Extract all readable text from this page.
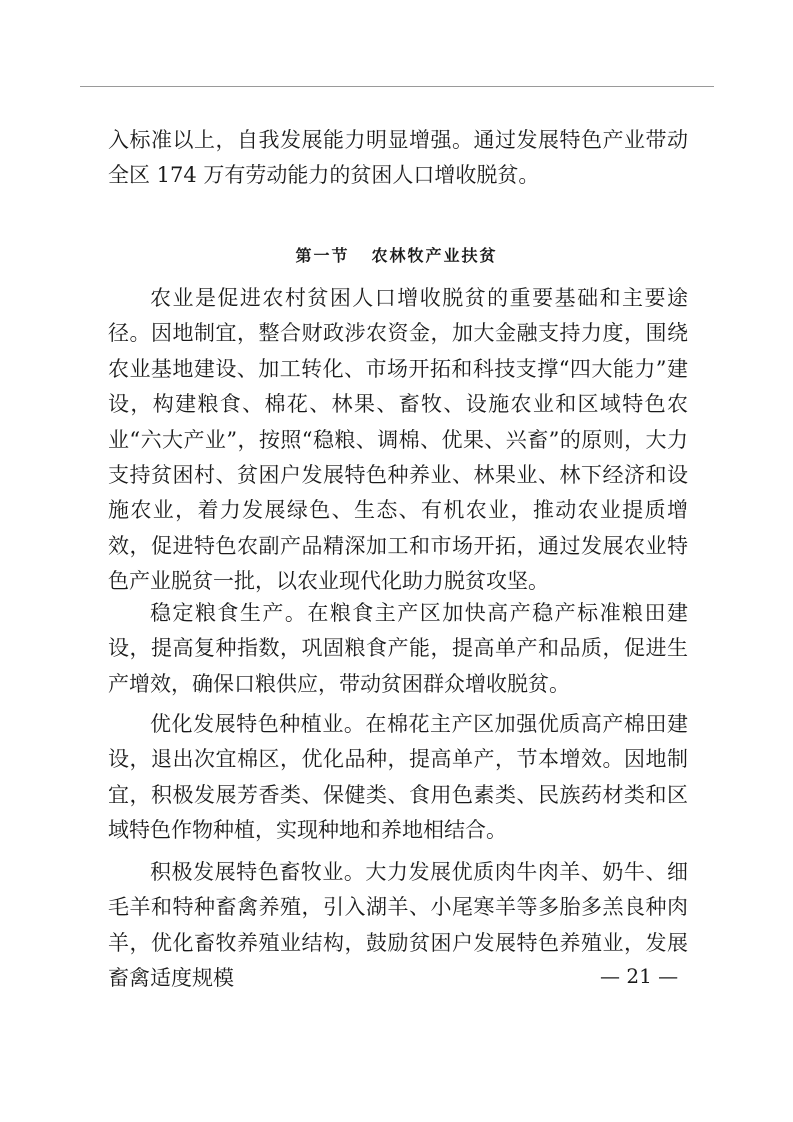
入标准以上，自我发展能力明显增强。通过发展特色产业带动全区 174 万有劳动能力的贫困人口增收脱贫。

第一节 农林牧产业扶贫

农业是促进农村贫困人口增收脱贫的重要基础和主要途径。因地制宜，整合财政涉农资金，加大金融支持力度，围绕农业基地建设、加工转化、市场开拓和科技支撑“四大能力”建设，构建粮食、棉花、林果、畜牧、设施农业和区域特色农业“六大产业”，按照“稳粮、调棉、优果、兴畜”的原则，大力支持贫困村、贫困户发展特色种养业、林果业、林下经济和设施农业，着力发展绿色、生态、有机农业，推动农业提质增效，促进特色农副产品精深加工和市场开拓，通过发展农业特色产业脱贫一批，以农业现代化助力脱贫攻坚。

稳定粮食生产。在粮食主产区加快高产稳产标准粮田建设，提高复种指数，巩固粮食产能，提高单产和品质，促进生产增效，确保口粮供应，带动贫困群众增收脱贫。

优化发展特色种植业。在棉花主产区加强优质高产棉田建设，退出次宜棉区，优化品种，提高单产，节本增效。因地制宜，积极发展芳香类、保健类、食用色素类、民族药材类和区域特色作物种植，实现种地和养地相结合。

积极发展特色畜牧业。大力发展优质肉牛肉羊、奶牛、细毛羊和特种畜禽养殖，引入湖羊、小尾寒羊等多胎多羔良种肉羊，优化畜牧养殖业结构，鼓励贫困户发展特色养殖业，发展畜禽适度规模	— 21 —
